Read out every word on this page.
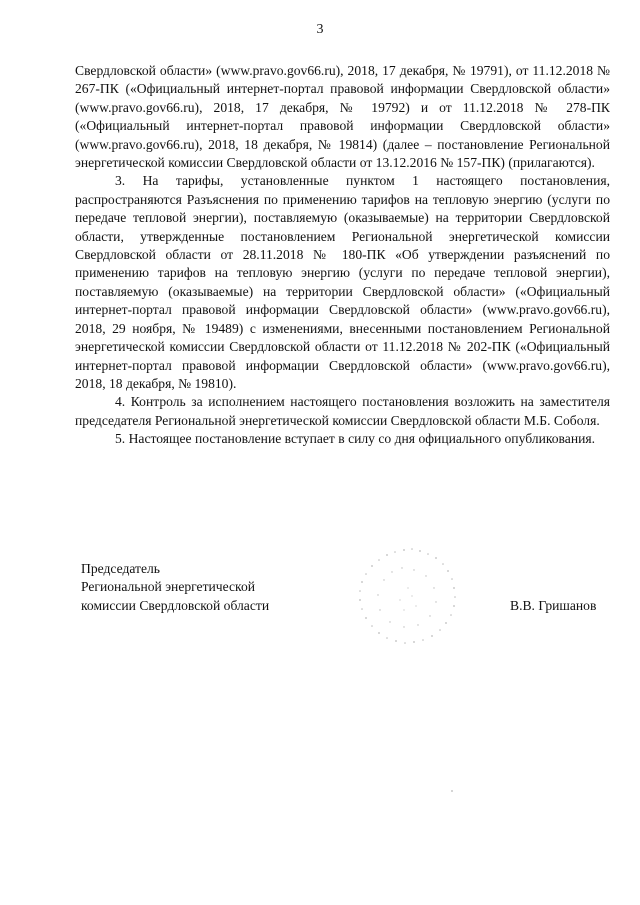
3

Свердловской области» (www.pravo.gov66.ru), 2018, 17 декабря, № 19791), от 11.12.2018 № 267-ПК («Официальный интернет-портал правовой информации Свердловской области» (www.pravo.gov66.ru), 2018, 17 декабря, № 19792) и от 11.12.2018 № 278-ПК («Официальный интернет-портал правовой информации Свердловской области» (www.pravo.gov66.ru), 2018, 18 декабря, № 19814) (далее – постановление Региональной энергетической комиссии Свердловской области от 13.12.2016 № 157-ПК) (прилагаются).

3. На тарифы, установленные пунктом 1 настоящего постановления, распространяются Разъяснения по применению тарифов на тепловую энергию (услуги по передаче тепловой энергии), поставляемую (оказываемые) на территории Свердловской области, утвержденные постановлением Региональной энергетической комиссии Свердловской области от 28.11.2018 № 180-ПК «Об утверждении разъяснений по применению тарифов на тепловую энергию (услуги по передаче тепловой энергии), поставляемую (оказываемые) на территории Свердловской области» («Официальный интернет-портал правовой информации Свердловской области» (www.pravo.gov66.ru), 2018, 29 ноября, № 19489) с изменениями, внесенными постановлением Региональной энергетической комиссии Свердловской области от 11.12.2018 № 202-ПК («Официальный интернет-портал правовой информации Свердловской области» (www.pravo.gov66.ru), 2018, 18 декабря, № 19810).

4. Контроль за исполнением настоящего постановления возложить на заместителя председателя Региональной энергетической комиссии Свердловской области М.Б. Соболя.

5. Настоящее постановление вступает в силу со дня официального опубликования.

Председатель
Региональной энергетической
комиссии Свердловской области	В.В. Гришанов
